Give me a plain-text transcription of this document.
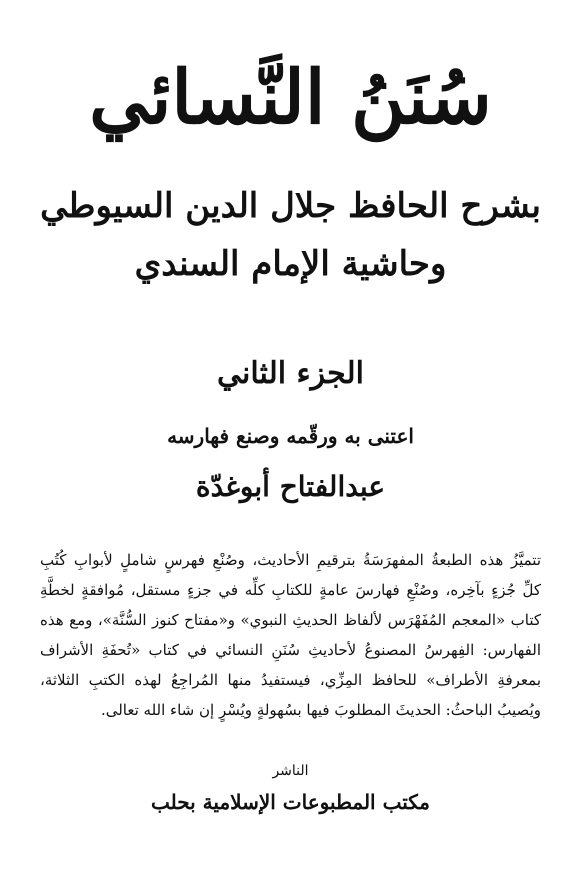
سُنَنُ النَّسائي
بشرح الحافظ جلال الدين السيوطي
وحاشية الإمام السندي
الجزء الثاني
اعتنى به ورقّمه وصنع فهارسه
عبدالفتاح أبوغدّة
تتميَّزُ هذه الطبعةُ المفهرَسَةُ بترقيمِ الأحاديث، وصُنْعِ فهرسٍ شاملٍ لأبوابِ كُتُبِ
كلِّ جُزءٍ بآخِره، وصُنْعِ فهارسَ عامةٍ للكتابِ كلِّه في جزءٍ مستقل، مُوافقةٍ لخطَّةِ
كتاب «المعجم المُفَهْرَس لألفاظ الحديثِ النبوي» و«مفتاح كنوز السُّنَّة»، ومع هذه
الفهارس: الفِهرسُ المصنوعُ لأحاديثِ سُنَنِ النسائي في كتاب «تُحفَةِ الأشراف
بمعرفةِ الأطراف» للحافظ المِزِّي، فيستفيدُ منها المُراجِعُ لهذه الكتبِ الثلاثة،
ويُصيبُ الباحثُ: الحديثَ المطلوبَ فيها بسُهولةٍ ويُسْرٍ إن شاء الله تعالى.
الناشر
مكتب المطبوعات الإسلامية بحلب
